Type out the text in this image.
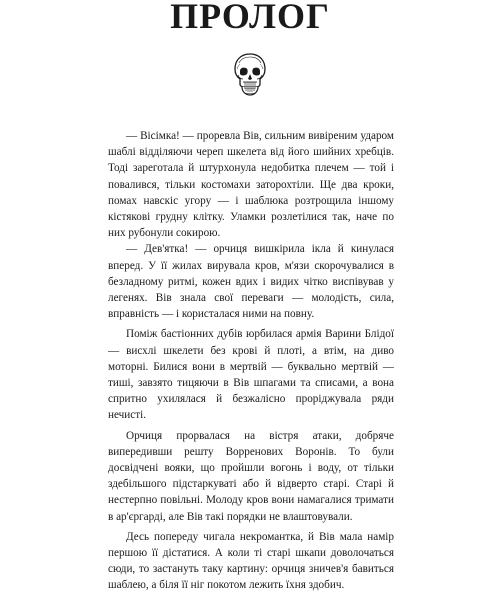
ПРОЛОГ

— Вісімка! — проревла Вів, сильним вивіреним ударом шаблі відділяючи череп шкелета від його шийних хребців. Тоді зареготала й штурхонула недобитка плечем — той і повалився, тільки костомахи заторохтіли. Ще два кроки, помах навскіс угору — і шаблюка розтрощила іншому кістякові грудну клітку. Уламки розлетілися так, наче по них рубонули сокирою.

— Дев'ятка! — орчиця вишкірила ікла й кинулася вперед. У її жилах вирувала кров, м'язи скорочувалися в безладному ритмі, кожен вдих і видих чітко виспівував у легенях. Вів знала свої переваги — молодість, сила, вправність — і користалася ними на повну.

Поміж бастіонних дубів юрбилася армія Варини Блідої — висхлі шкелети без крові й плоті, а втім, на диво моторні. Билися вони в мертвій — буквально мертвій — тиші, завзято тицяючи в Вів шпагами та списами, а вона спритно ухилялася й безжалісно проріджувала ряди нечисті.

Орчиця прорвалася на вістря атаки, добряче випередивши решту Ворренових Воронів. То були досвідчені вояки, що пройшли вогонь і воду, от тільки здебільшого підстаркуваті або й відверто старі. Старі й нестерпно повільні. Молоду кров вони намагалися тримати в ар'єргарді, але Вів такі порядки не влаштовували.

Десь попереду чигала некромантка, й Вів мала намір першою її дістатися. А коли ті старі шкапи доволочаться сюди, то застануть таку картину: орчиця зничев'я бавиться шаблею, а біля її ніг покотом лежить їхня здобич.
